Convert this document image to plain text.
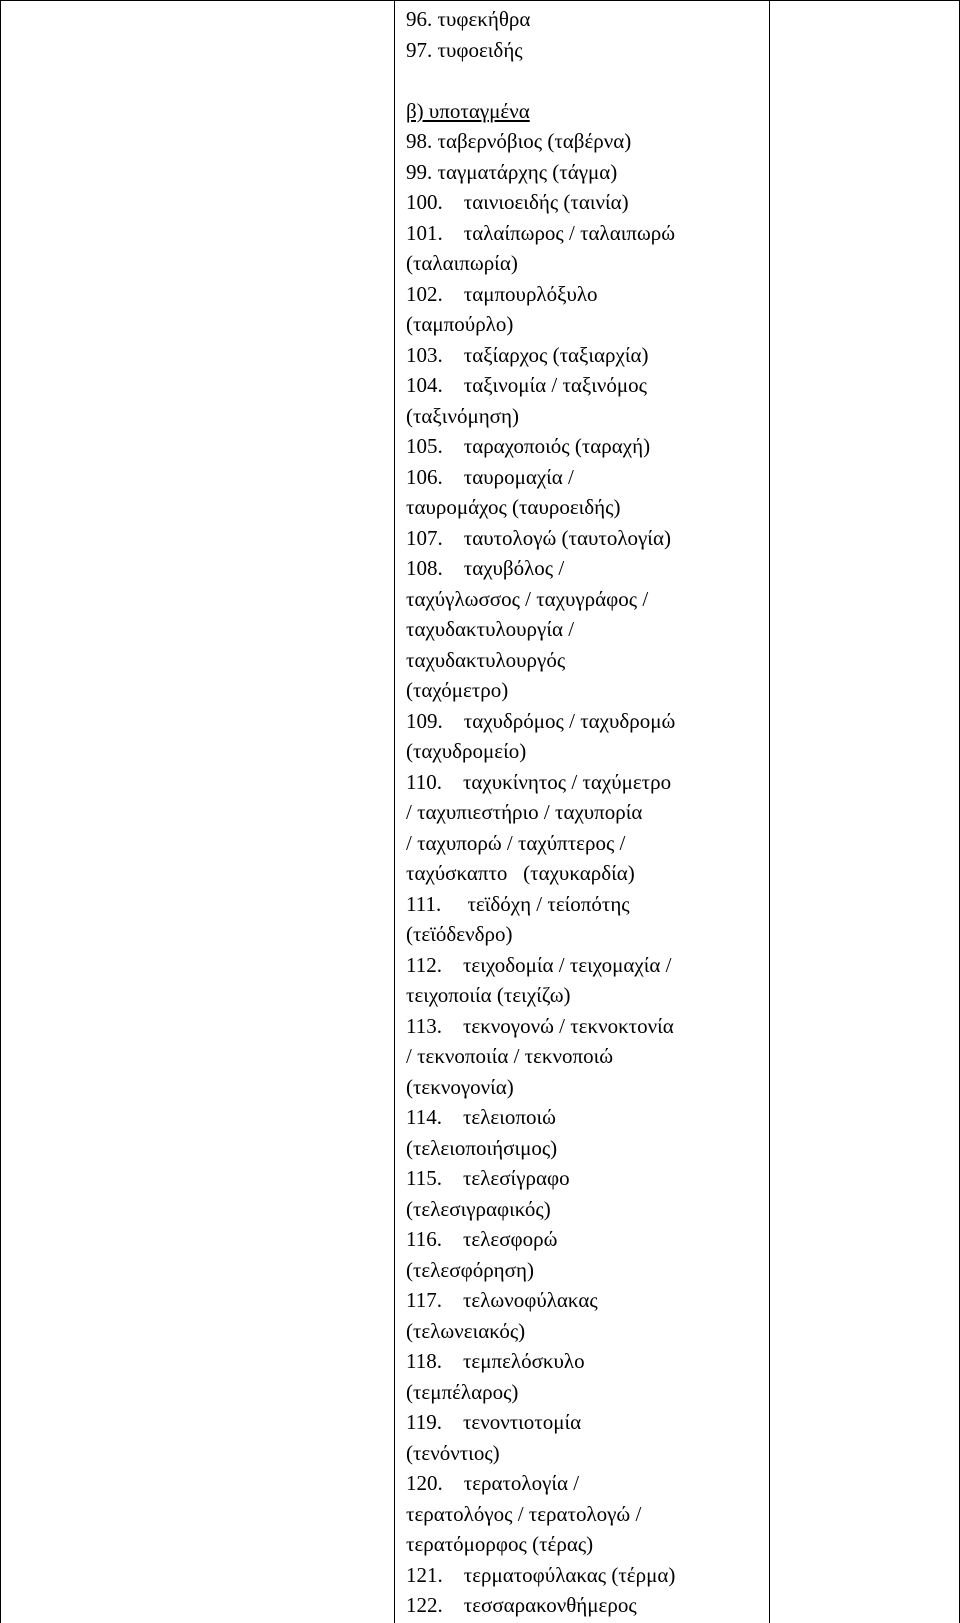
96. τυφεκήθρα
97. τυφοειδής
β) υποταγμένα
98. ταβερνόβιος (ταβέρνα)
99. ταγματάρχης (τάγμα)
100.    ταινιοειδής (ταινία)
101.    ταλαίπωρος / ταλαιπωρώ
(ταλαιπωρία)
102.    ταμπουρλόξυλο
(ταμπούρλο)
103.    ταξίαρχος (ταξιαρχία)
104.    ταξινομία / ταξινόμος
(ταξινόμηση)
105.    ταραχοποιός (ταραχή)
106.    ταυρομαχία /
ταυρομάχος (ταυροειδής)
107.    ταυτολογώ (ταυτολογία)
108.    ταχυβόλος /
ταχύγλωσσος / ταχυγράφος /
ταχυδακτυλουργία /
ταχυδακτυλουργός
(ταχόμετρο)
109.    ταχυδρόμος / ταχυδρομώ
(ταχυδρομείο)
110.    ταχυκίνητος / ταχύμετρο
/ ταχυπιεστήριο / ταχυπορία
/ ταχυπορώ / ταχύπτερος /
ταχύσκαπτο   (ταχυκαρδία)
111.     τεϊδόχη / τείοπότης
(τεϊόδενδρο)
112.    τειχοδομία / τειχομαχία /
τειχοποιία (τειχίζω)
113.    τεκνογονώ / τεκνοκτονία
/ τεκνοποιία / τεκνοποιώ
(τεκνογονία)
114.    τελειοποιώ
(τελειοποιήσιμος)
115.    τελεσίγραφο
(τελεσιγραφικός)
116.    τελεσφορώ
(τελεσφόρηση)
117.    τελωνοφύλακας
(τελωνειακός)
118.    τεμπελόσκυλο
(τεμπέλαρος)
119.    τενοντιοτομία
(τενόντιος)
120.    τερατολογία /
τερατολόγος / τερατολογώ /
τερατόμορφος (τέρας)
121.    τερματοφύλακας (τέρμα)
122.    τεσσαρακονθήμερος
